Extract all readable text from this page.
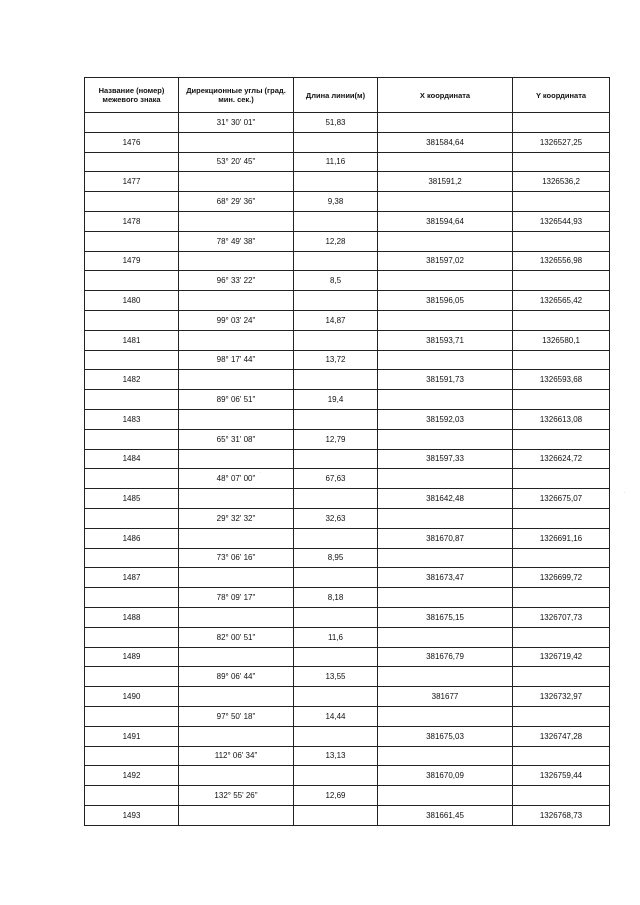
Название (номер) межевого знака	Дирекционные углы (град. мин. сек.)	Длина линии(м)	X координата	Y координата
	31° 30' 01"	51,83		
1476			381584,64	1326527,25
	53° 20' 45"	11,16		
1477			381591,2	1326536,2
	68° 29' 36"	9,38		
1478			381594,64	1326544,93
	78° 49' 38"	12,28		
1479			381597,02	1326556,98
	96° 33' 22"	8,5		
1480			381596,05	1326565,42
	99° 03' 24"	14,87		
1481			381593,71	1326580,1
	98° 17' 44"	13,72		
1482			381591,73	1326593,68
	89° 06' 51"	19,4		
1483			381592,03	1326613,08
	65° 31' 08"	12,79		
1484			381597,33	1326624,72
	48° 07' 00"	67,63		
1485			381642,48	1326675,07
	29° 32' 32"	32,63		
1486			381670,87	1326691,16
	73° 06' 16"	8,95		
1487			381673,47	1326699,72
	78° 09' 17"	8,18		
1488			381675,15	1326707,73
	82° 00' 51"	11,6		
1489			381676,79	1326719,42
	89° 06' 44"	13,55		
1490			381677	1326732,97
	97° 50' 18"	14,44		
1491			381675,03	1326747,28
	112° 06' 34"	13,13		
1492			381670,09	1326759,44
	132° 55' 26"	12,69		
1493			381661,45	1326768,73
·
·
